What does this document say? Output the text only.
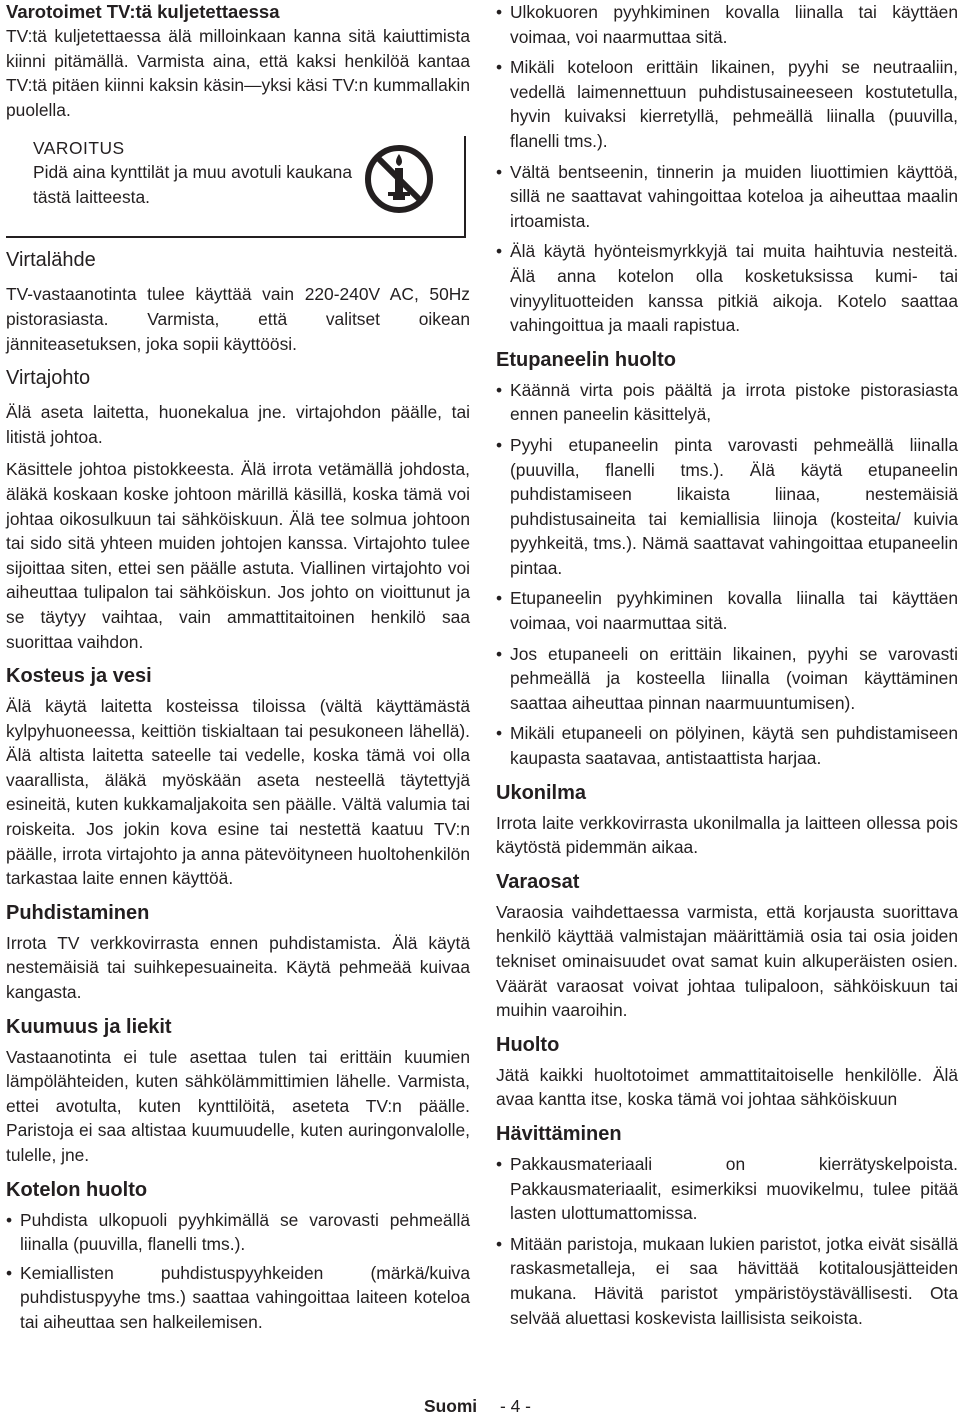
Varotoimet TV:tä kuljetettaessa

TV:tä kuljetettaessa älä milloinkaan kanna sitä kaiuttimista kiinni pitämällä. Varmista aina, että kaksi henkilöä kantaa TV:tä pitäen kiinni kaksin käsin—yksi käsi TV:n kummallakin puolella.

VAROITUS
Pidä aina kynttilät ja muu avotuli kaukana tästä laitteesta.
Virtalähde

TV-vastaanotinta tulee käyttää vain 220-240V AC, 50Hz pistorasiasta. Varmista, että valitset oikean jänniteasetuksen, joka sopii käyttöösi.

Virtajohto

Älä aseta laitetta, huonekalua jne. virtajohdon päälle, tai litistä johtoa.

Käsittele johtoa pistokkeesta. Älä irrota vetämällä johdosta, äläkä koskaan koske johtoon märillä käsillä, koska tämä voi johtaa oikosulkuun tai sähköiskuun. Älä tee solmua johtoon tai sido sitä yhteen muiden johtojen kanssa. Virtajohto tulee sijoittaa siten, ettei sen päälle astuta. Viallinen virtajohto voi aiheuttaa tulipalon tai sähköiskun. Jos johto on vioittunut ja se täytyy vaihtaa, vain ammattitaitoinen henkilö saa suorittaa vaihdon.

Kosteus ja vesi

Älä käytä laitetta kosteissa tiloissa (vältä käyttämästä kylpyhuoneessa, keittiön tiskialtaan tai pesukoneen lähellä). Älä altista laitetta sateelle tai vedelle, koska tämä voi olla vaarallista, äläkä myöskään aseta nesteellä täytettyjä esineitä, kuten kukkamaljakoita sen päälle. Vältä valumia tai roiskeita. Jos jokin kova esine tai nestettä kaatuu TV:n päälle, irrota virtajohto ja anna pätevöityneen huoltohenkilön tarkastaa laite ennen käyttöä.

Puhdistaminen

Irrota TV verkkovirrasta ennen puhdistamista. Älä käytä nestemäisiä tai suihkepesuaineita. Käytä pehmeää kuivaa kangasta.

Kuumuus ja liekit

Vastaanotinta ei tule asettaa tulen tai erittäin kuumien lämpölähteiden, kuten sähkölämmittimien lähelle. Varmista, ettei avotulta, kuten kynttilöitä, aseteta TV:n päälle. Paristoja ei saa altistaa kuumuudelle, kuten auringonvalolle, tulelle, jne.

Kotelon huolto
• Puhdista ulkopuoli pyyhkimällä se varovasti pehmeällä liinalla (puuvilla, flanelli tms.).
• Kemiallisten puhdistuspyyhkeiden (märkä/kuiva puhdistuspyyhe tms.) saattaa vahingoittaa laiteen koteloa tai aiheuttaa sen halkeilemisen.
• Ulkokuoren pyyhkiminen kovalla liinalla tai käyttäen voimaa, voi naarmuttaa sitä.
• Mikäli koteloon erittäin likainen, pyyhi se neutraaliin, vedellä laimennettuun puhdistusaineeseen kostutetulla, hyvin kuivaksi kierretyllä, pehmeällä liinalla (puuvilla, flanelli tms.).
• Vältä bentseenin, tinnerin ja muiden liuottimien käyttöä, sillä ne saattavat vahingoittaa koteloa ja aiheuttaa maalin irtoamista.
• Älä käytä hyönteismyrkkyjä tai muita haihtuvia nesteitä. Älä anna kotelon olla kosketuksissa kumi- tai vinyylituotteiden kanssa pitkiä aikoja. Kotelo saattaa vahingoittua ja maali rapistua.
Etupaneelin huolto
• Käännä virta pois päältä ja irrota pistoke pistorasiasta ennen paneelin käsittelyä,
• Pyyhi etupaneelin pinta varovasti pehmeällä liinalla (puuvilla, flanelli tms.). Älä käytä etupaneelin puhdistamiseen likaista liinaa, nestemäisiä puhdistusaineita tai kemiallisia liinoja (kosteita/ kuivia pyyhkeitä, tms.). Nämä saattavat vahingoittaa etupaneelin pintaa.
• Etupaneelin pyyhkiminen kovalla liinalla tai käyttäen voimaa, voi naarmuttaa sitä.
• Jos etupaneeli on erittäin likainen, pyyhi se varovasti pehmeällä ja kosteella liinalla (voiman käyttäminen saattaa aiheuttaa pinnan naarmuuntumisen).
• Mikäli etupaneeli on pölyinen, käytä sen puhdistamiseen kaupasta saatavaa, antistaattista harjaa.
Ukonilma

Irrota laite verkkovirrasta ukonilmalla ja laitteen ollessa pois käytöstä pidemmän aikaa.

Varaosat

Varaosia vaihdettaessa varmista, että korjausta suorittava henkilö käyttää valmistajan määrittämiä osia tai osia joiden tekniset ominaisuudet ovat samat kuin alkuperäisten osien. Väärät varaosat voivat johtaa tulipaloon, sähköiskuun tai muihin vaaroihin.

Huolto

Jätä kaikki huoltotoimet ammattitaitoiselle henkilölle. Älä avaa kantta itse, koska tämä voi johtaa sähköiskuun

Hävittäminen
• Pakkausmateriaali on kierrätyskelpoista. Pakkausmateriaalit, esimerkiksi muovikelmu, tulee pitää lasten ulottumattomissa.
• Mitään paristoja, mukaan lukien paristot, jotka eivät sisällä raskasmetalleja, ei saa hävittää kotitalousjätteiden mukana. Hävitä paristot ympäristöystävällisesti. Ota selvää aluettasi koskevista laillisista seikoista.
Suomi - 4 -
